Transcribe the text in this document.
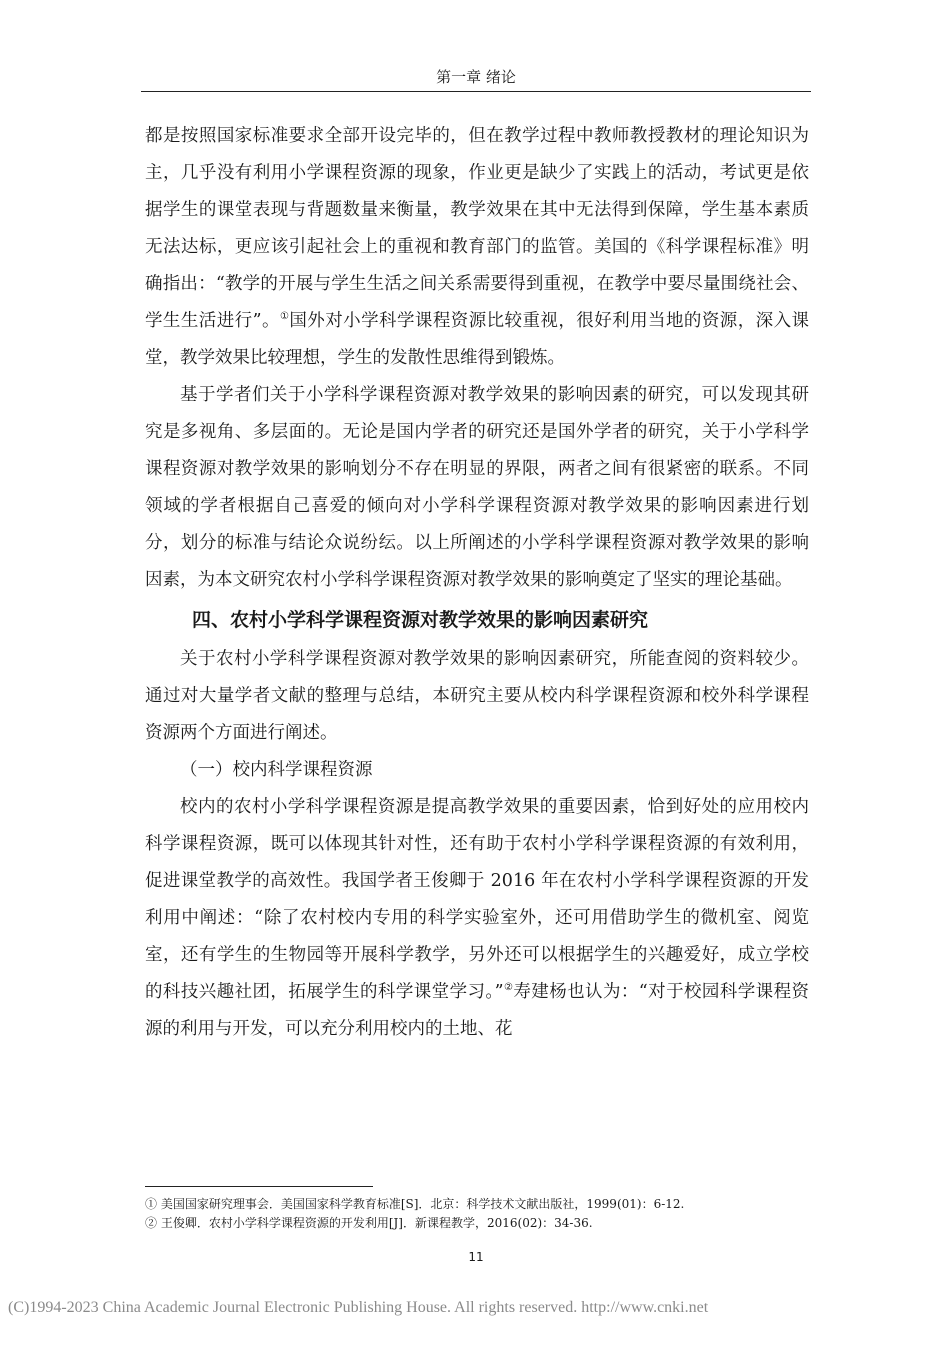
第一章 绪论

都是按照国家标准要求全部开设完毕的，但在教学过程中教师教授教材的理论知识为主，几乎没有利用小学课程资源的现象，作业更是缺少了实践上的活动，考试更是依据学生的课堂表现与背题数量来衡量，教学效果在其中无法得到保障，学生基本素质无法达标，更应该引起社会上的重视和教育部门的监管。美国的《科学课程标准》明确指出：“教学的开展与学生生活之间关系需要得到重视，在教学中要尽量围绕社会、学生生活进行”。①国外对小学科学课程资源比较重视，很好利用当地的资源，深入课堂，教学效果比较理想，学生的发散性思维得到锻炼。

基于学者们关于小学科学课程资源对教学效果的影响因素的研究，可以发现其研究是多视角、多层面的。无论是国内学者的研究还是国外学者的研究，关于小学科学课程资源对教学效果的影响划分不存在明显的界限，两者之间有很紧密的联系。不同领域的学者根据自己喜爱的倾向对小学科学课程资源对教学效果的影响因素进行划分，划分的标准与结论众说纷纭。以上所阐述的小学科学课程资源对教学效果的影响因素，为本文研究农村小学科学课程资源对教学效果的影响奠定了坚实的理论基础。

四、农村小学科学课程资源对教学效果的影响因素研究

关于农村小学科学课程资源对教学效果的影响因素研究，所能查阅的资料较少。通过对大量学者文献的整理与总结，本研究主要从校内科学课程资源和校外科学课程资源两个方面进行阐述。

（一）校内科学课程资源

校内的农村小学科学课程资源是提高教学效果的重要因素，恰到好处的应用校内科学课程资源，既可以体现其针对性，还有助于农村小学科学课程资源的有效利用，促进课堂教学的高效性。我国学者王俊卿于 2016 年在农村小学科学课程资源的开发利用中阐述：“除了农村校内专用的科学实验室外，还可用借助学生的微机室、阅览室，还有学生的生物园等开展科学教学，另外还可以根据学生的兴趣爱好，成立学校的科技兴趣社团，拓展学生的科学课堂学习。”②寿建杨也认为：“对于校园科学课程资源的利用与开发，可以充分利用校内的土地、花

① 美国国家研究理事会．美国国家科学教育标准[S]．北京：科学技术文献出版社，1999(01)：6-12.
② 王俊卿．农村小学科学课程资源的开发利用[J]．新课程教学，2016(02)：34-36.
11
(C)1994-2023 China Academic Journal Electronic Publishing House. All rights reserved. http://www.cnki.net
